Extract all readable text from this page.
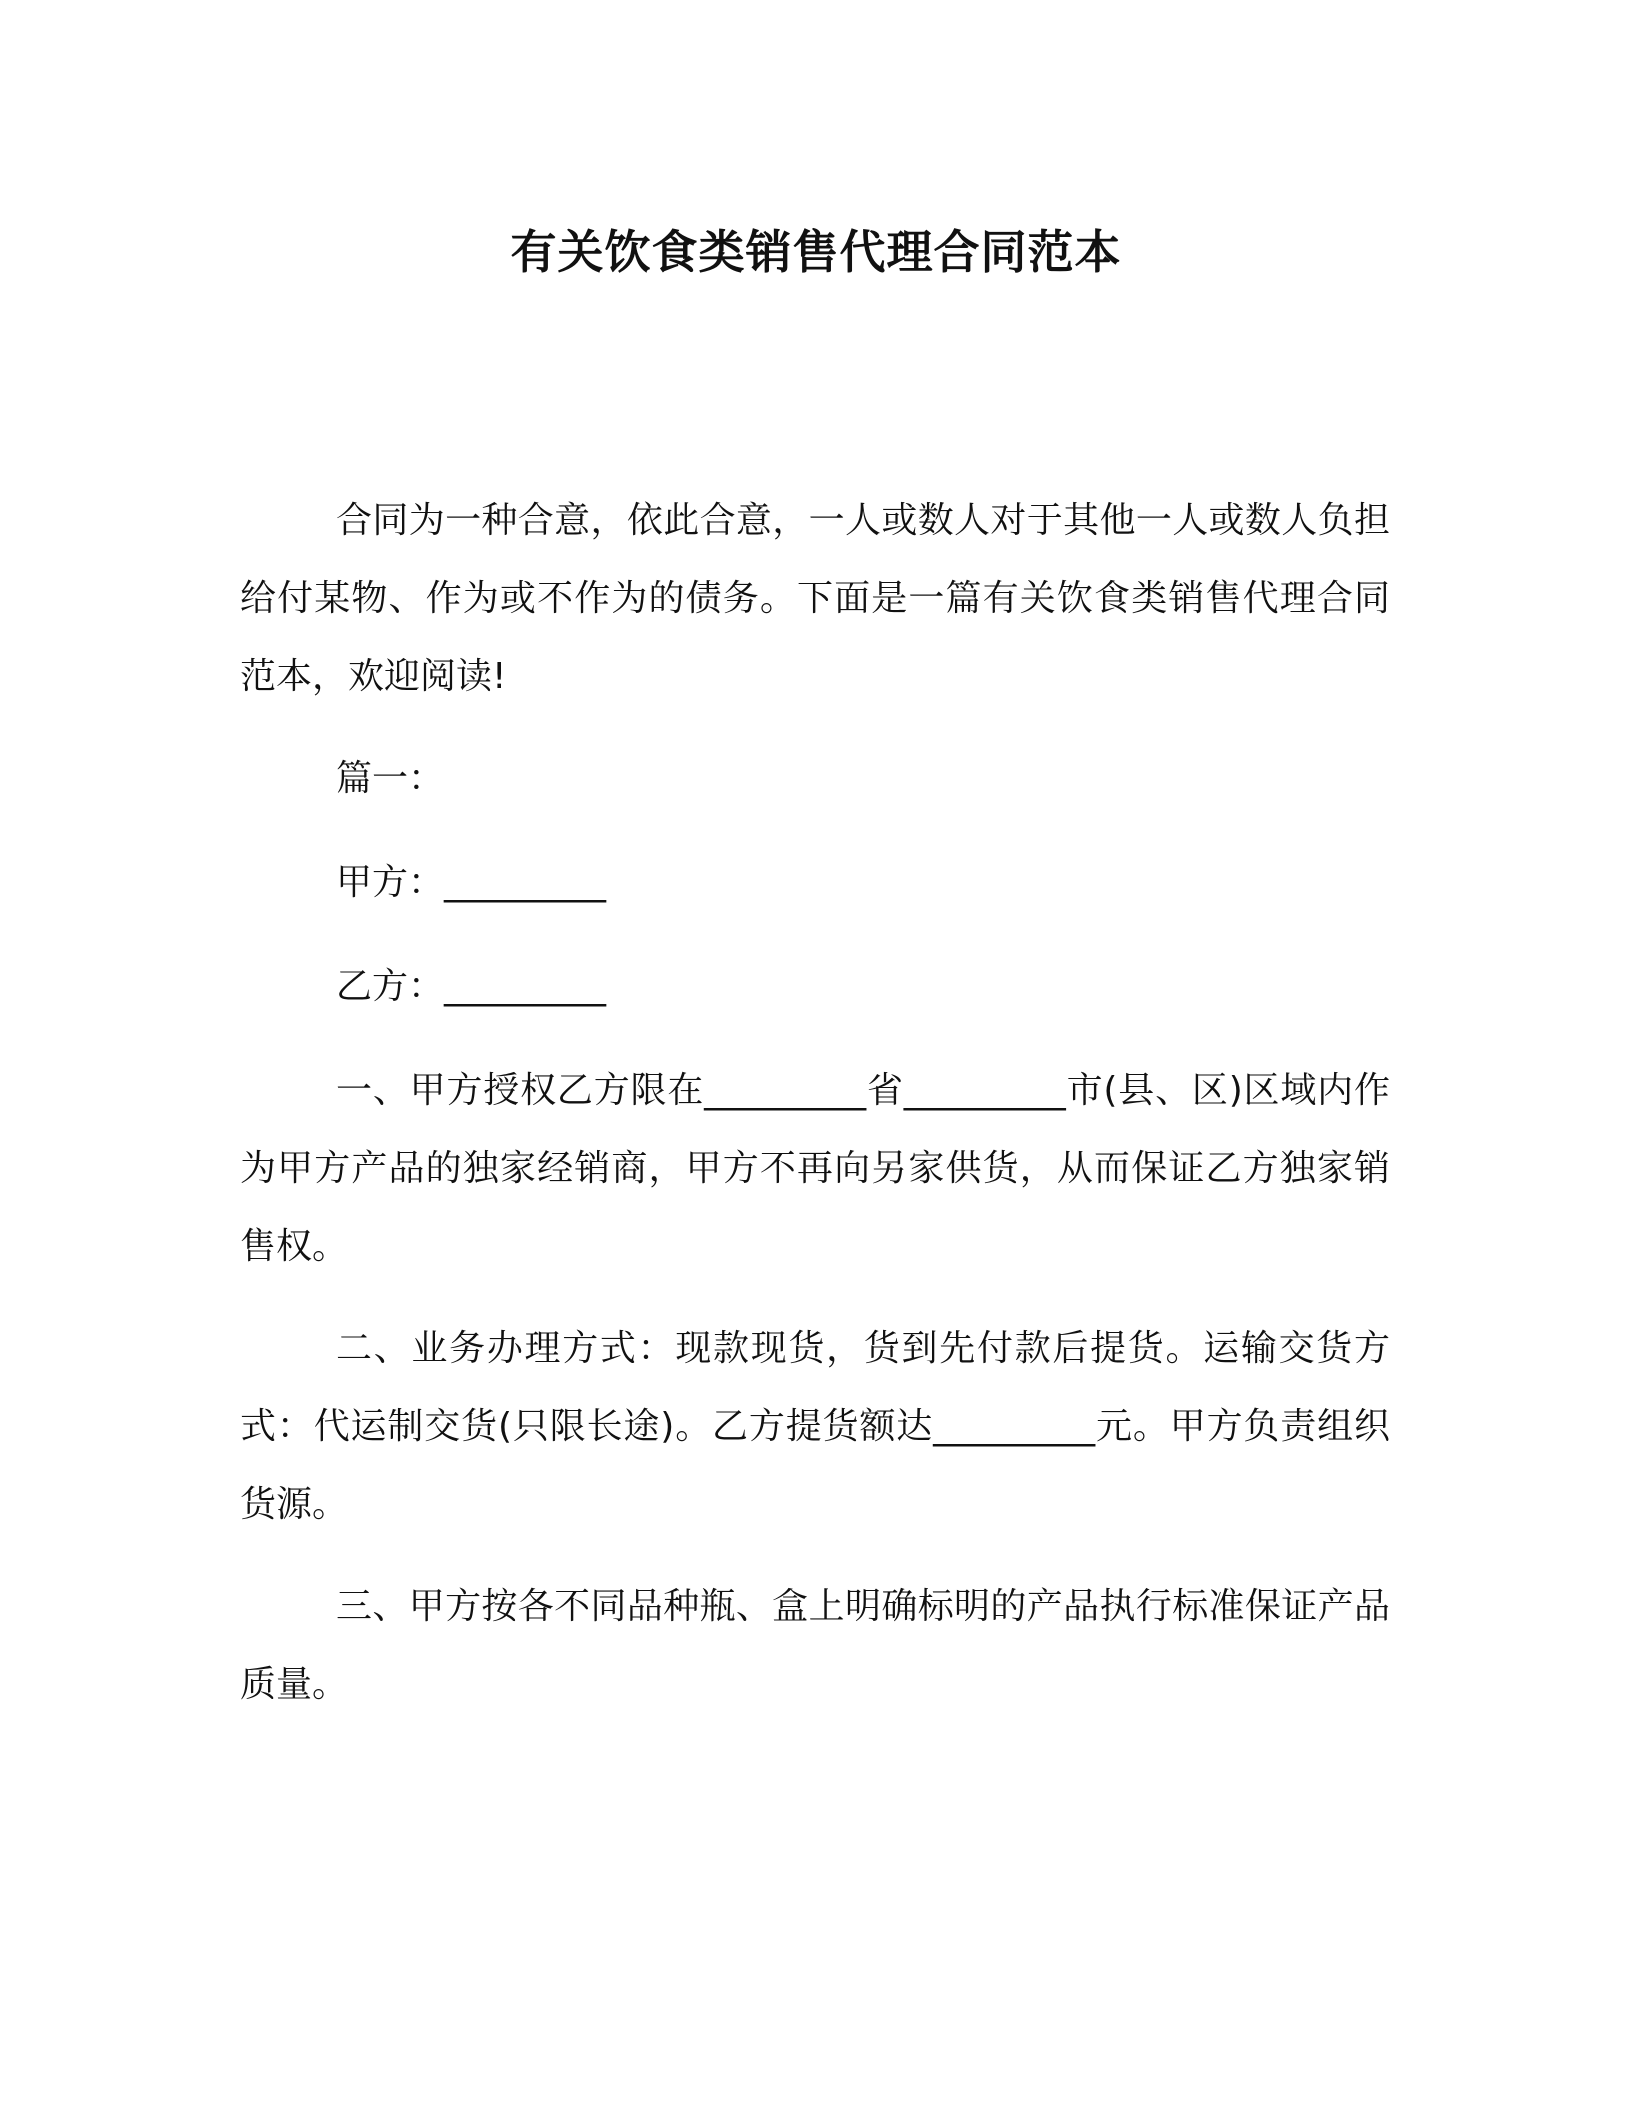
有关饮食类销售代理合同范本

合同为一种合意，依此合意，一人或数人对于其他一人或数人负担给付某物、作为或不作为的债务。下面是一篇有关饮食类销售代理合同范本，欢迎阅读!

篇一：

甲方：_________

乙方：_________

一、甲方授权乙方限在_________省_________市(县、区)区域内作为甲方产品的独家经销商，甲方不再向另家供货，从而保证乙方独家销售权。

二、业务办理方式：现款现货，货到先付款后提货。运输交货方式：代运制交货(只限长途)。乙方提货额达_________元。甲方负责组织货源。

三、甲方按各不同品种瓶、盒上明确标明的产品执行标准保证产品质量。
